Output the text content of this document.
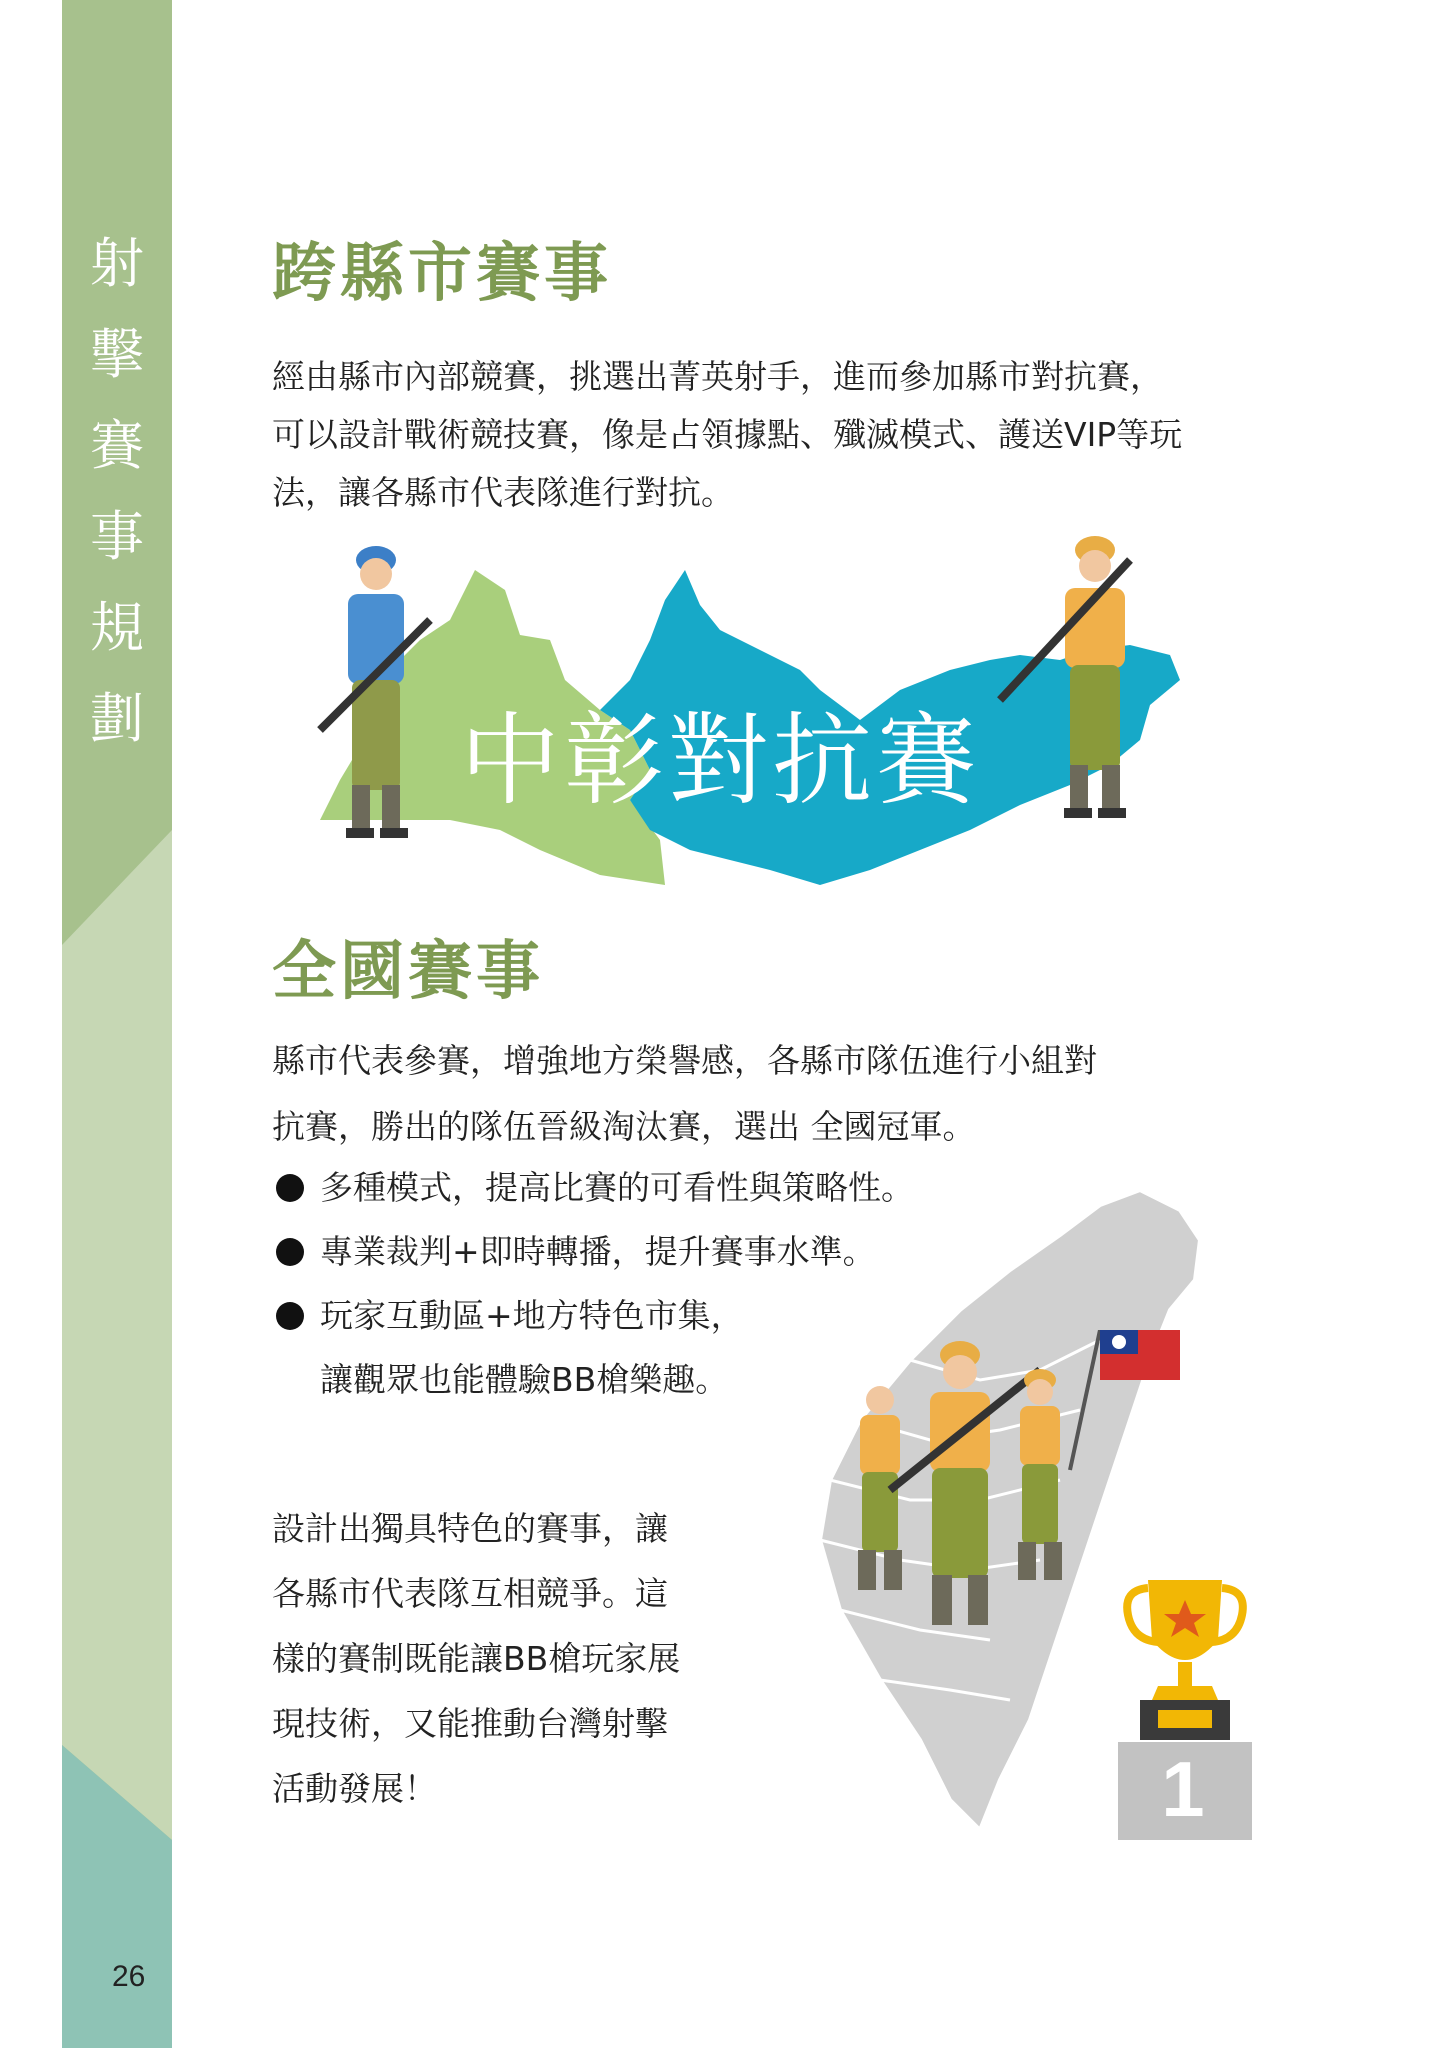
射
擊
賽
事
規
劃
26
跨縣市賽事
經由縣市內部競賽，挑選出菁英射手，進而參加縣市對抗賽，
可以設計戰術競技賽，像是占領據點、殲滅模式、護送VIP等玩
法，讓各縣市代表隊進行對抗。
中彰對抗賽
全國賽事
縣市代表參賽，增強地方榮譽感，各縣市隊伍進行小組對
抗賽，勝出的隊伍晉級淘汰賽，選出 全國冠軍。
多種模式，提高比賽的可看性與策略性。
專業裁判+即時轉播，提升賽事水準。
玩家互動區+地方特色市集，
讓觀眾也能體驗BB槍樂趣。
設計出獨具特色的賽事，讓
各縣市代表隊互相競爭。這
樣的賽制既能讓BB槍玩家展
現技術，又能推動台灣射擊
活動發展！	1
